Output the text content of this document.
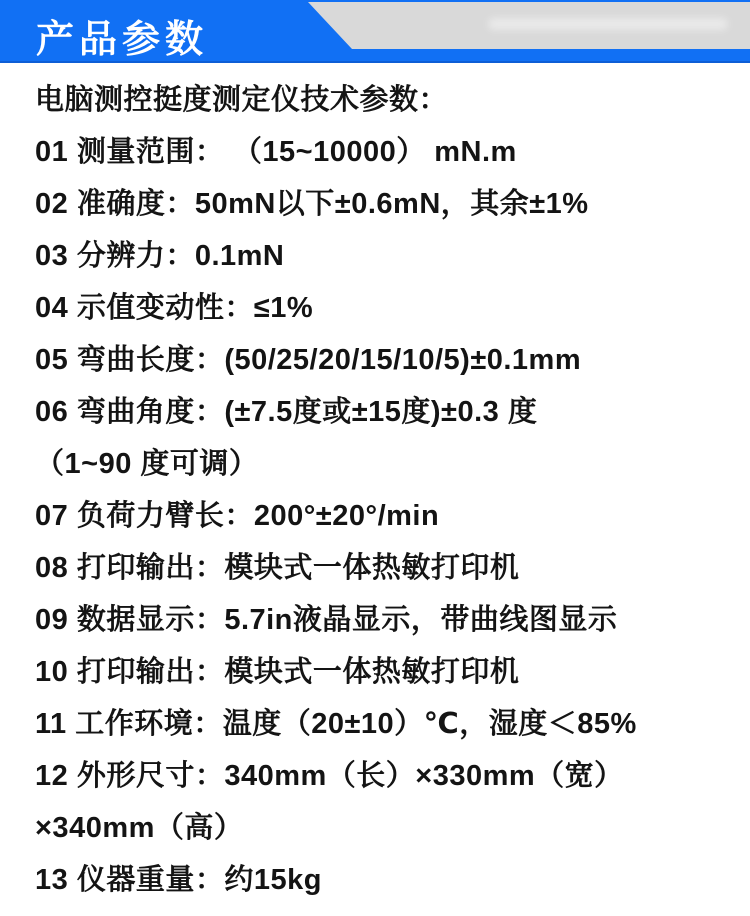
产品参数
电脑测控挺度测定仪技术参数：
01 测量范围： （15~10000） mN.m
02 准确度：50mN以下±0.6mN，其余±1%
03 分辨力：0.1mN
04 示值变动性：≤1%
05 弯曲长度：(50/25/20/15/10/5)±0.1mm
06 弯曲角度：(±7.5度或±15度)±0.3 度
（1~90 度可调）
07 负荷力臂长：200°±20°/min
08 打印输出：模块式一体热敏打印机
09 数据显示：5.7in液晶显示，带曲线图显示
10 打印输出：模块式一体热敏打印机
11 工作环境：温度（20±10）℃，湿度＜85%
12 外形尺寸：340mm（长）×330mm（宽）
×340mm（高）
13 仪器重量：约15kg
